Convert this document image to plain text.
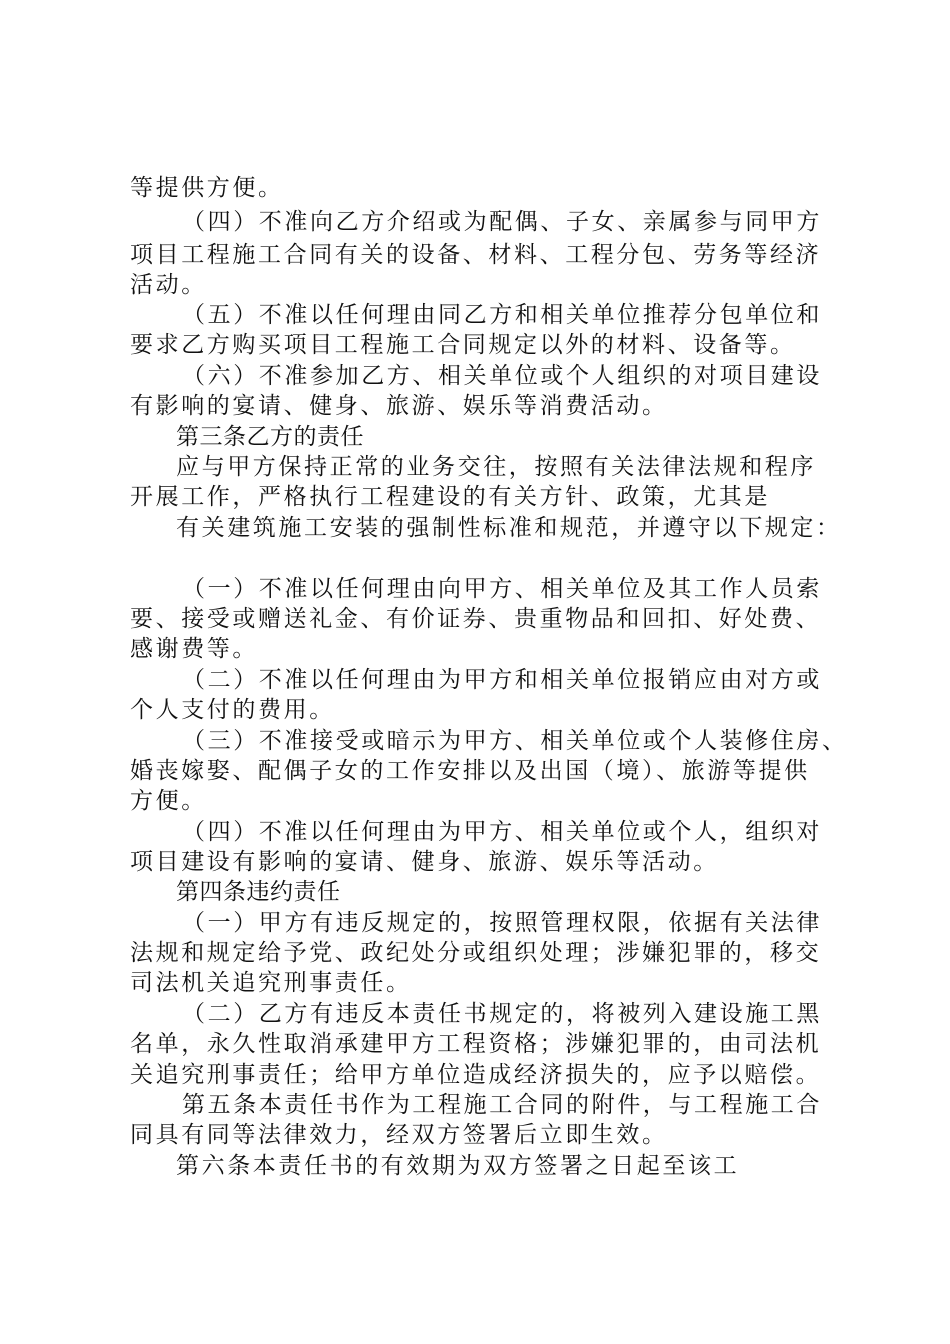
等提供方便。
（四）不准向乙方介绍或为配偶、子女、亲属参与同甲方
项目工程施工合同有关的设备、材料、工程分包、劳务等经济
活动。
（五）不准以任何理由同乙方和相关单位推荐分包单位和
要求乙方购买项目工程施工合同规定以外的材料、设备等。
（六）不准参加乙方、相关单位或个人组织的对项目建设
有影响的宴请、健身、旅游、娱乐等消费活动。
第三条乙方的责任
应与甲方保持正常的业务交往，按照有关法律法规和程序
开展工作，严格执行工程建设的有关方针、政策，尤其是
有关建筑施工安装的强制性标准和规范，并遵守以下规定：
（一）不准以任何理由向甲方、相关单位及其工作人员索
要、接受或赠送礼金、有价证券、贵重物品和回扣、好处费、
感谢费等。
（二）不准以任何理由为甲方和相关单位报销应由对方或
个人支付的费用。
（三）不准接受或暗示为甲方、相关单位或个人装修住房、
婚丧嫁娶、配偶子女的工作安排以及出国（境）、旅游等提供
方便。
（四）不准以任何理由为甲方、相关单位或个人，组织对
项目建设有影响的宴请、健身、旅游、娱乐等活动。
第四条违约责任
（一）甲方有违反规定的，按照管理权限，依据有关法律
法规和规定给予党、政纪处分或组织处理；涉嫌犯罪的，移交
司法机关追究刑事责任。
（二）乙方有违反本责任书规定的，将被列入建设施工黑
名单，永久性取消承建甲方工程资格；涉嫌犯罪的，由司法机
关追究刑事责任；给甲方单位造成经济损失的，应予以赔偿。
第五条本责任书作为工程施工合同的附件，与工程施工合
同具有同等法律效力，经双方签署后立即生效。
第六条本责任书的有效期为双方签署之日起至该工
